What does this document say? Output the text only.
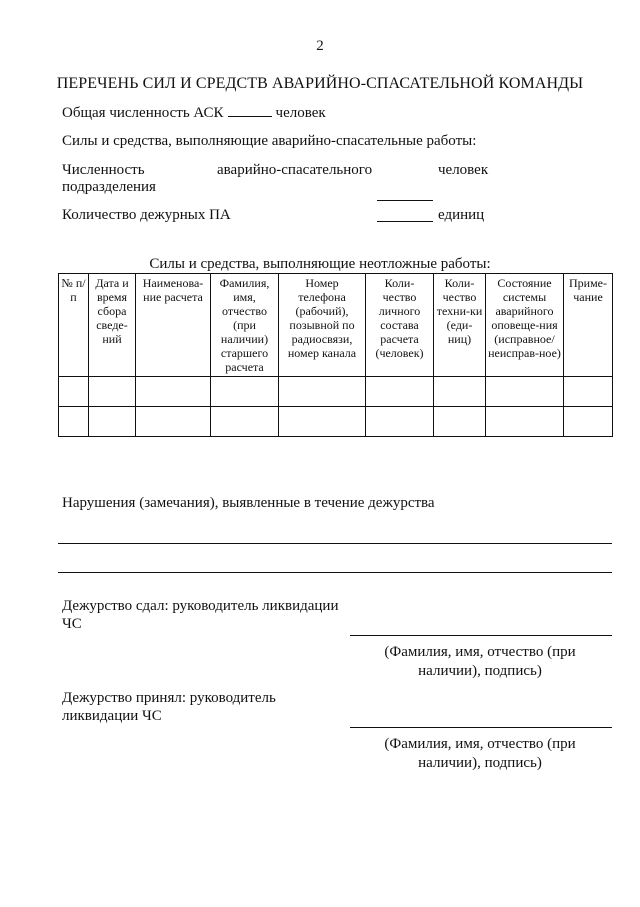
2
ПЕРЕЧЕНЬ СИЛ И СРЕДСТВ АВАРИЙНО-СПАСАТЕЛЬНОЙ КОМАНДЫ
Общая численность АСК	человек
Силы и средства, выполняющие аварийно-спасательные работы:
Численность	аварийно-спасательного
подразделения
человек
Количество дежурных ПА	единиц
Силы и средства, выполняющие неотложные работы:
№ п/п	Дата и время сбора сведе-ний	Наименова-ние расчета	Фамилия, имя, отчество (при наличии) старшего расчета	Номер телефона (рабочий), позывной по радиосвязи, номер канала	Коли-чество личного состава расчета (человек)	Коли-чество техни-ки (еди-ниц)	Состояние системы аварийного оповеще-ния (исправное/ неисправ-ное)	Приме-чание

Нарушения (замечания), выявленные в течение дежурства
Дежурство сдал: руководитель ликвидации ЧС
(Фамилия, имя, отчество (при наличии), подпись)
Дежурство принял: руководитель ликвидации ЧС
(Фамилия, имя, отчество (при наличии), подпись)
